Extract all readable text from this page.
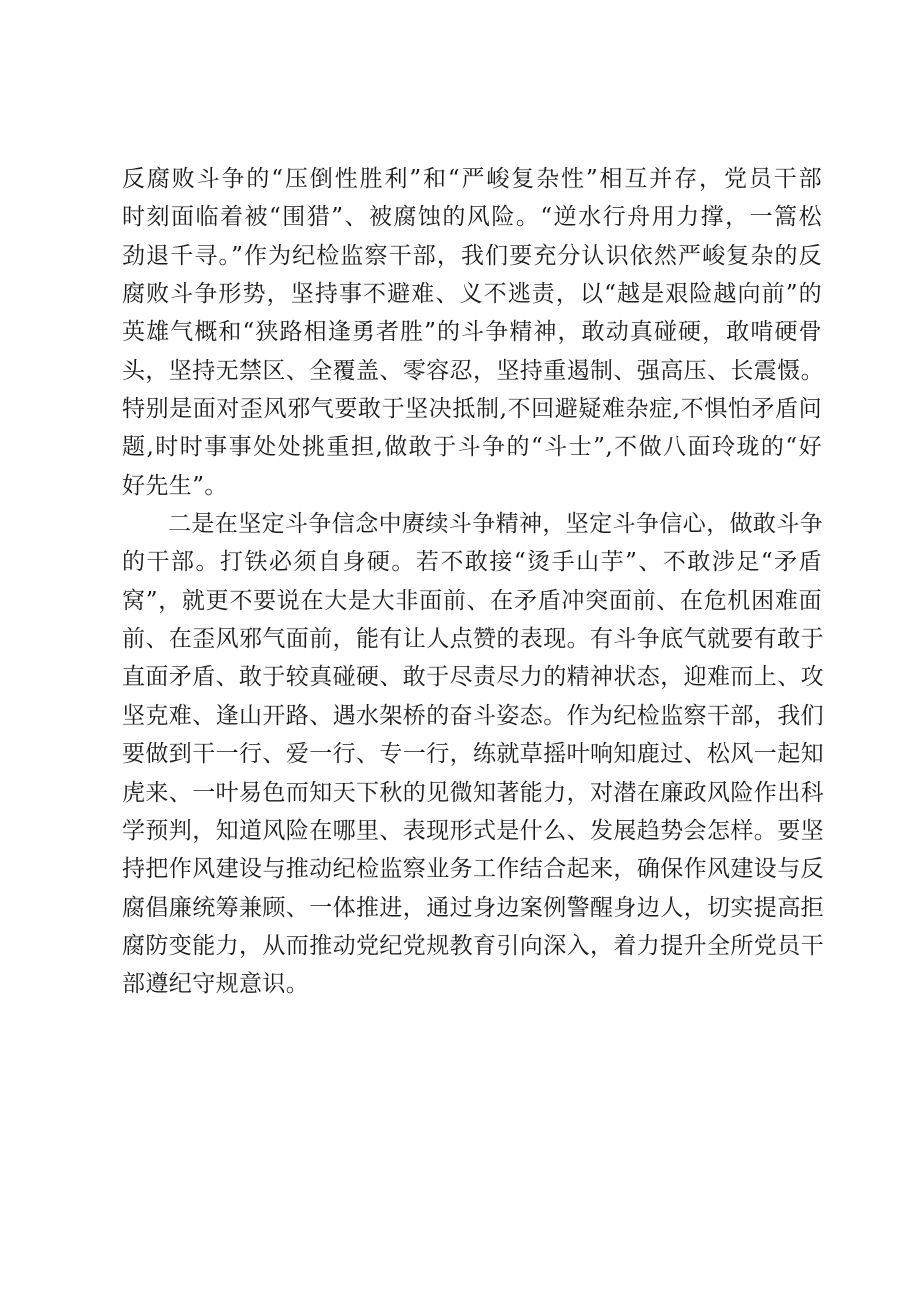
反腐败斗争的“压倒性胜利”和“严峻复杂性”相互并存，党员干部
时刻面临着被“围猎”、被腐蚀的风险。“逆水行舟用力撑，一篙松
劲退千寻。”作为纪检监察干部，我们要充分认识依然严峻复杂的反
腐败斗争形势，坚持事不避难、义不逃责，以“越是艰险越向前”的
英雄气概和“狭路相逢勇者胜”的斗争精神，敢动真碰硬，敢啃硬骨
头，坚持无禁区、全覆盖、零容忍，坚持重遏制、强高压、长震慑。
特别是面对歪风邪气要敢于坚决抵制,不回避疑难杂症,不惧怕矛盾问
题,时时事事处处挑重担,做敢于斗争的“斗士”,不做八面玲珑的“好
好先生”。
二是在坚定斗争信念中赓续斗争精神，坚定斗争信心，做敢斗争
的干部。打铁必须自身硬。若不敢接“烫手山芋”、不敢涉足“矛盾
窝”，就更不要说在大是大非面前、在矛盾冲突面前、在危机困难面
前、在歪风邪气面前，能有让人点赞的表现。有斗争底气就要有敢于
直面矛盾、敢于较真碰硬、敢于尽责尽力的精神状态，迎难而上、攻
坚克难、逢山开路、遇水架桥的奋斗姿态。作为纪检监察干部，我们
要做到干一行、爱一行、专一行，练就草摇叶响知鹿过、松风一起知
虎来、一叶易色而知天下秋的见微知著能力，对潜在廉政风险作出科
学预判，知道风险在哪里、表现形式是什么、发展趋势会怎样。要坚
持把作风建设与推动纪检监察业务工作结合起来，确保作风建设与反
腐倡廉统筹兼顾、一体推进，通过身边案例警醒身边人，切实提高拒
腐防变能力，从而推动党纪党规教育引向深入，着力提升全所党员干
部遵纪守规意识。
